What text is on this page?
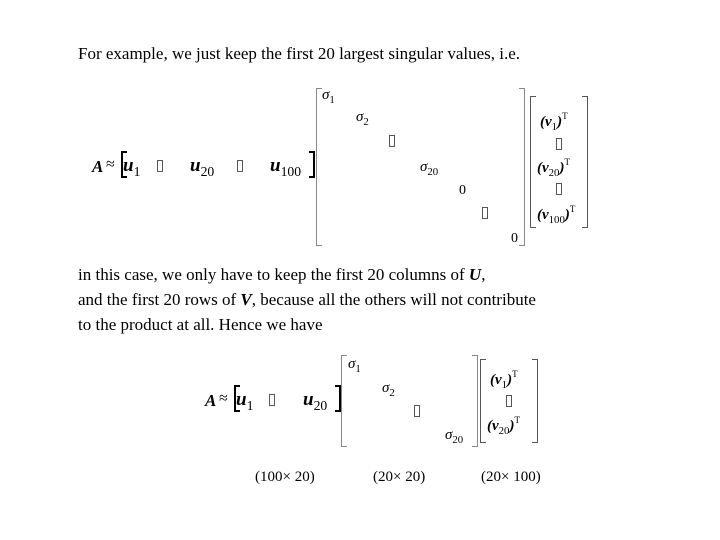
For example, we just keep the first 20 largest singular values, i.e.
$A \approx u_1$	$u_{20}$	$u_{100}$
$\sigma_1$
$\sigma_2$
$\sigma_{20}$
0
0
$(v_1)^T$
$(v_{20})^T$
$(v_{100})^T$
in this case, we only have to keep the first 20 columns of U,
and the first 20 rows of V, because all the others will not contribute
to the product at all. Hence we have
$A \approx u_1$	$u_{20}$
$\sigma_1$
$\sigma_2$
$\sigma_{20}$
$(v_1)^T$
$(v_{20})^T$
(100× 20)	(20× 20)	(20× 100)
